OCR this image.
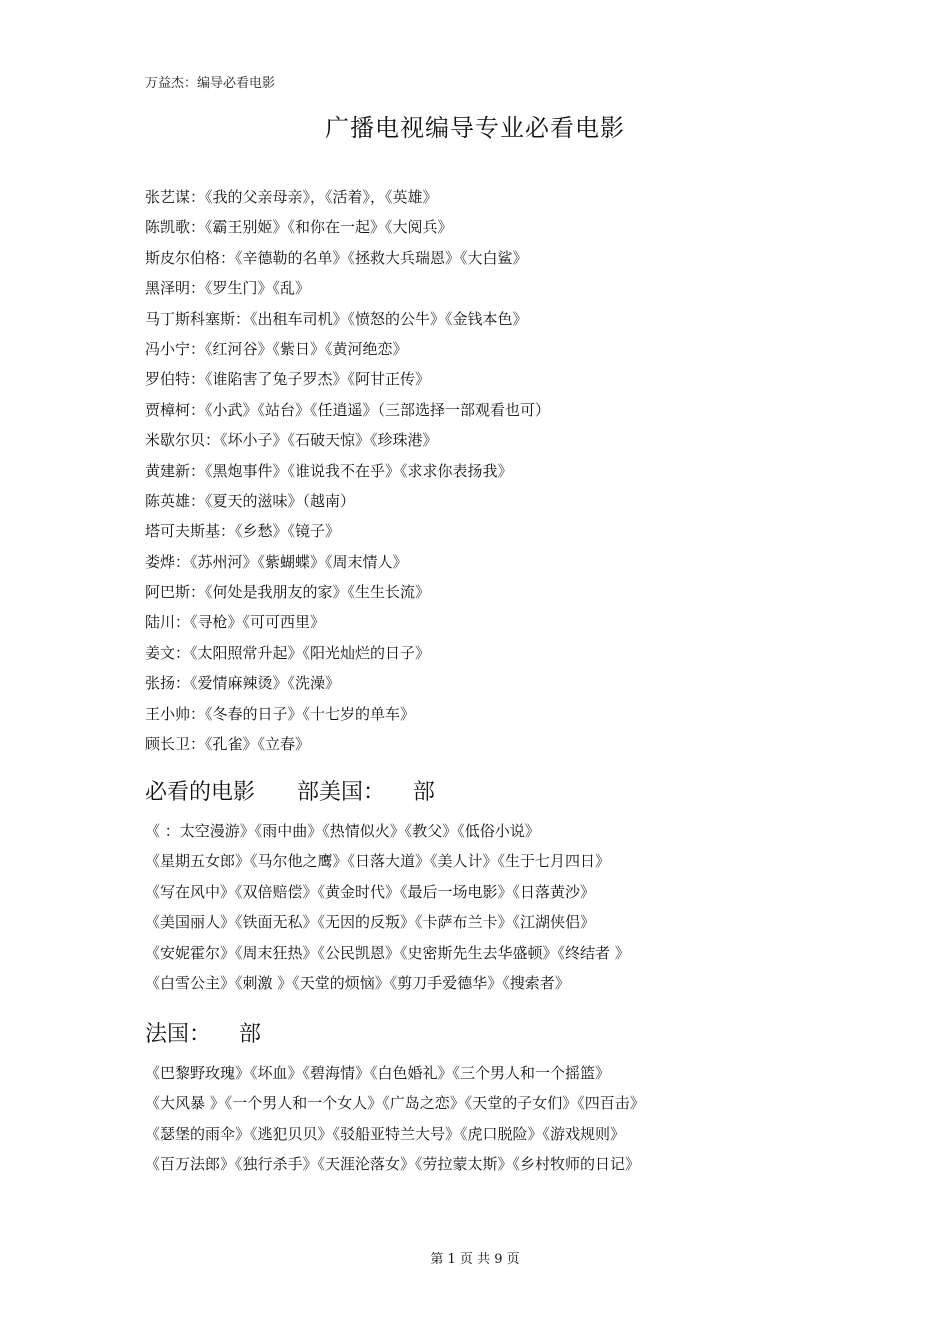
万益杰：编导必看电影
广播电视编导专业必看电影
张艺谋：《我的父亲母亲》，《活着》，《英雄》
陈凯歌：《霸王别姬》《和你在一起》《大阅兵》
斯皮尔伯格：《辛德勒的名单》《拯救大兵瑞恩》《大白鲨》
黑泽明：《罗生门》《乱》
马丁斯科塞斯：《出租车司机》《愤怒的公牛》《金钱本色》
冯小宁：《红河谷》《紫日》《黄河绝恋》
罗伯特：《谁陷害了兔子罗杰》《阿甘正传》
贾樟柯：《小武》《站台》《任逍遥》（三部选择一部观看也可）
米歇尔贝：《坏小子》《石破天惊》《珍珠港》
黄建新：《黑炮事件》《谁说我不在乎》《求求你表扬我》
陈英雄：《夏天的滋味》（越南）
塔可夫斯基：《乡愁》《镜子》
娄烨：《苏州河》《紫蝴蝶》《周末情人》
阿巴斯：《何处是我朋友的家》《生生长流》
陆川：《寻枪》《可可西里》
姜文：《太阳照常升起》《阳光灿烂的日子》
张扬：《爱情麻辣烫》《洗澡》
王小帅：《冬春的日子》《十七岁的单车》
顾长卫：《孔雀》《立春》
必看的电影      部美国：    部
《 ：太空漫游》《雨中曲》《热情似火》《教父》《低俗小说》
《星期五女郎》《马尔他之鹰》《日落大道》《美人计》《生于七月四日》
《写在风中》《双倍赔偿》《黄金时代》《最后一场电影》《日落黄沙》
《美国丽人》《铁面无私》《无因的反叛》《卡萨布兰卡》《江湖侠侣》
《安妮霍尔》《周末狂热》《公民凯恩》《史密斯先生去华盛顿》《终结者 》
《白雪公主》《刺激 》《天堂的烦恼》《剪刀手爱德华》《搜索者》
法国：    部
《巴黎野玫瑰》《坏血》《碧海情》《白色婚礼》《三个男人和一个摇篮》
《大风暴 》《一个男人和一个女人》《广岛之恋》《天堂的子女们》《四百击》
《瑟堡的雨伞》《逃犯贝贝》《驳船亚特兰大号》《虎口脱险》《游戏规则》
《百万法郎》《独行杀手》《天涯沦落女》《劳拉蒙太斯》《乡村牧师的日记》
第 1 页 共 9 页
